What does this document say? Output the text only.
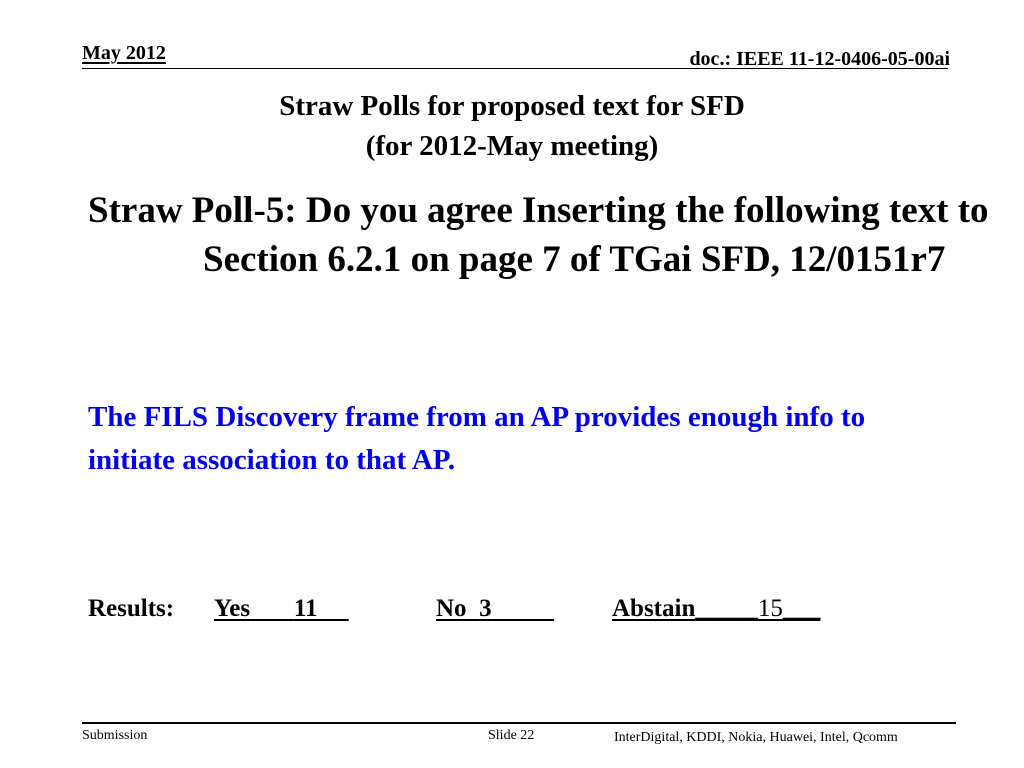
May 2012	doc.: IEEE 11-12-0406-05-00ai
Straw Polls for proposed text for SFD
(for 2012-May meeting)
Straw Poll-5: Do you agree Inserting the following text to Section 6.2.1 on page 7 of TGai SFD, 12/0151r7
The FILS Discovery frame from an AP provides enough info to initiate association to that AP.
Results: Yes 11	No 3	Abstain_____15___
Submission	Slide 22	InterDigital, KDDI, Nokia, Huawei, Intel, Qcomm
